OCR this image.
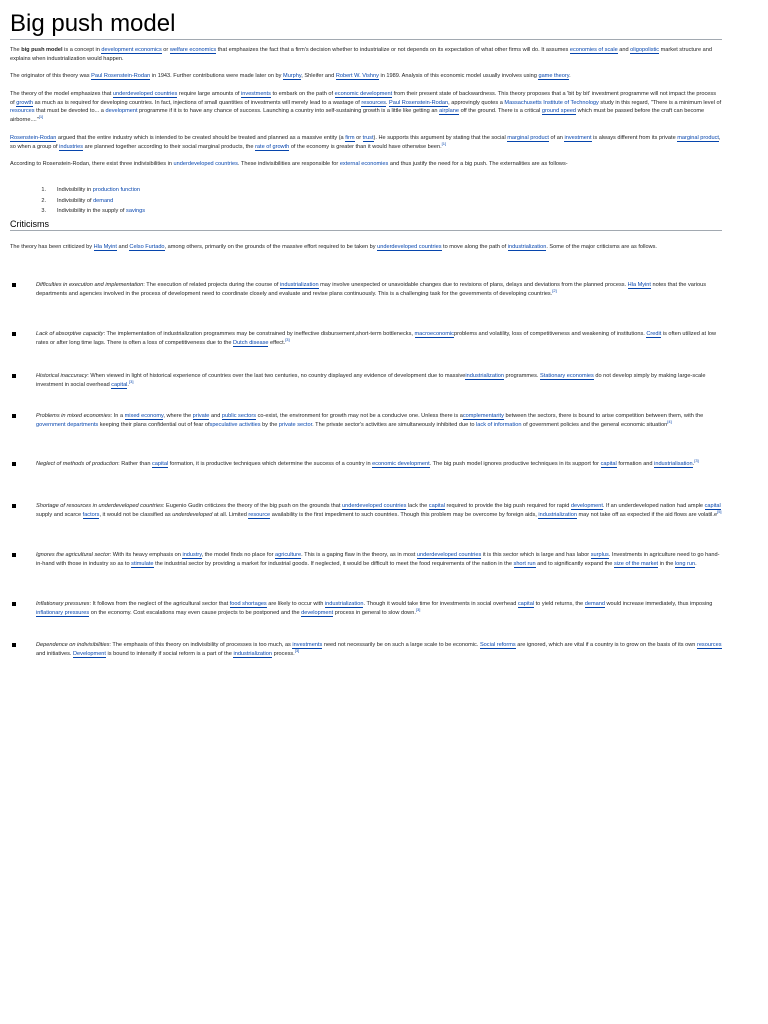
Big push model

The big push model is a concept in development economics or welfare economics that emphasizes the fact that a firm's decision whether to industrialize or not depends on its expectation of what other firms will do. It assumes economies of scale and oligopolistic market structure and explains when industrialization would happen.

The originator of this theory was Paul Rosenstein-Rodan in 1943. Further contributions were made later on by Murphy, Shleifer and Robert W. Vishny in 1989. Analysis of this economic model usually involves using game theory.

The theory of the model emphasizes that underdeveloped countries require large amounts of investments to embark on the path of economic development from their present state of backwardness. This theory proposes that a 'bit by bit' investment programme will not impact the process of growth as much as is required for developing countries. In fact, injections of small quantities of investments will merely lead to a wastage of resources. Paul Rosenstein-Rodan, approvingly quotes a Massachusetts Institute of Technology study in this regard, "There is a minimum level of resources that must be devoted to... a development programme if it is to have any chance of success. Launching a country into self-sustaining growth is a little like getting an airplane off the ground. There is a critical ground speed which must be passed before the craft can become airborne...."[1]

Rosenstein-Rodan argued that the entire industry which is intended to be created should be treated and planned as a massive entity (a firm or trust). He supports this argument by stating that the social marginal product of an investment is always different from its private marginal product, so when a group of industries are planned together according to their social marginal products, the rate of growth of the economy is greater than it would have otherwise been.[1]

According to Rosenstein-Rodan, there exist three indivisibilities in underdeveloped countries. These indivisibilities are responsible for external economies and thus justify the need for a big push. The externalities are as follows-

1. Indivisibility in production function
2. Indivisibility of demand
3. Indivisibility in the supply of savings
Criticisms

The theory has been criticized by Hla Myint and Celso Furtado, among others, primarily on the grounds of the massive effort required to be taken by underdeveloped countries to move along the path of industrialization. Some of the major criticisms are as follows.

Difficulties in execution and implementation: The execution of related projects during the course of industrialization may involve unexpected or unavoidable changes due to revisions of plans, delays and deviations from the planned process. Hla Myint notes that the various departments and agencies involved in the process of development need to coordinate closely and evaluate and revise plans continuously. This is a challenging task for the governments of developing countries.[2]
Lack of absorptive capacity: The implementation of industrialization programmes may be constrained by ineffective disbursement,short-term bottlenecks, macroeconomicproblems and volatility, loss of competitiveness and weakening of institutions. Credit is often utilized at low rates or after long time lags. There is often a loss of competitiveness due to the Dutch disease effect.[3]
Historical inaccuracy: When viewed in light of historical experience of countries over the last two centuries, no country displayed any evidence of development due to massiveindustrialization programmes. Stationary economies do not develop simply by making large-scale investment in social overhead capital.[3]
Problems in mixed economies: In a mixed economy, where the private and public sectors co-exist, the environment for growth may not be a conducive one. Unless there is acomplementarity between the sectors, there is bound to arise competition between them, with the government departments keeping their plans confidential out of fear ofspeculative activities by the private sector. The private sector's activities are simultaneously inhibited due to lack of information of government policies and the general economic situation[4]
Neglect of methods of production: Rather than capital formation, it is productive techniques which determine the success of a country in economic development. The big push model ignores productive techniques in its support for capital formation and industrialisation.[3]
Shortage of resources in underdeveloped countries: Eugenio Gudin criticizes the theory of the big push on the grounds that underdeveloped countries lack the capital required to provide the big push required for rapid development. If an underdeveloped nation had ample capital supply and scarce factors, it would not be classified as underdeveloped at all. Limited resource availability is the first impediment to such countries. Though this problem may be overcome by foreign aids, industrialization may not take off as expected if the aid flows are volatil.e[5]
Ignores the agricultural sector: With its heavy emphasis on industry, the model finds no place for agriculture. This is a gaping flaw in the theory, as in most underdeveloped countries it is this sector which is large and has labor surplus. Investments in agriculture need to go hand-in-hand with those in industry so as to stimulate the industrial sector by providing a market for industrial goods. If neglected, it would be difficult to meet the food requirements of the nation in the short run and to significantly expand the size of the market in the long run.
Inflationary pressures: It follows from the neglect of the agricultural sector that food shortages are likely to occur with industrialization. Though it would take time for investments in social overhead capital to yield returns, the demand would increase immediately, thus imposing inflationary pressures on the economy. Cost escalations may even cause projects to be postponed and the development process in general to slow down.[3]
Dependence on indivisibilities: The emphasis of this theory on indivisibility of processes is too much, as investments need not necessarily be on such a large scale to be economic. Social reforms are ignored, which are vital if a country is to grow on the basis of its own resources and initiatives. Development is bound to intensify if social reform is a part of the industrialization process.[3]
